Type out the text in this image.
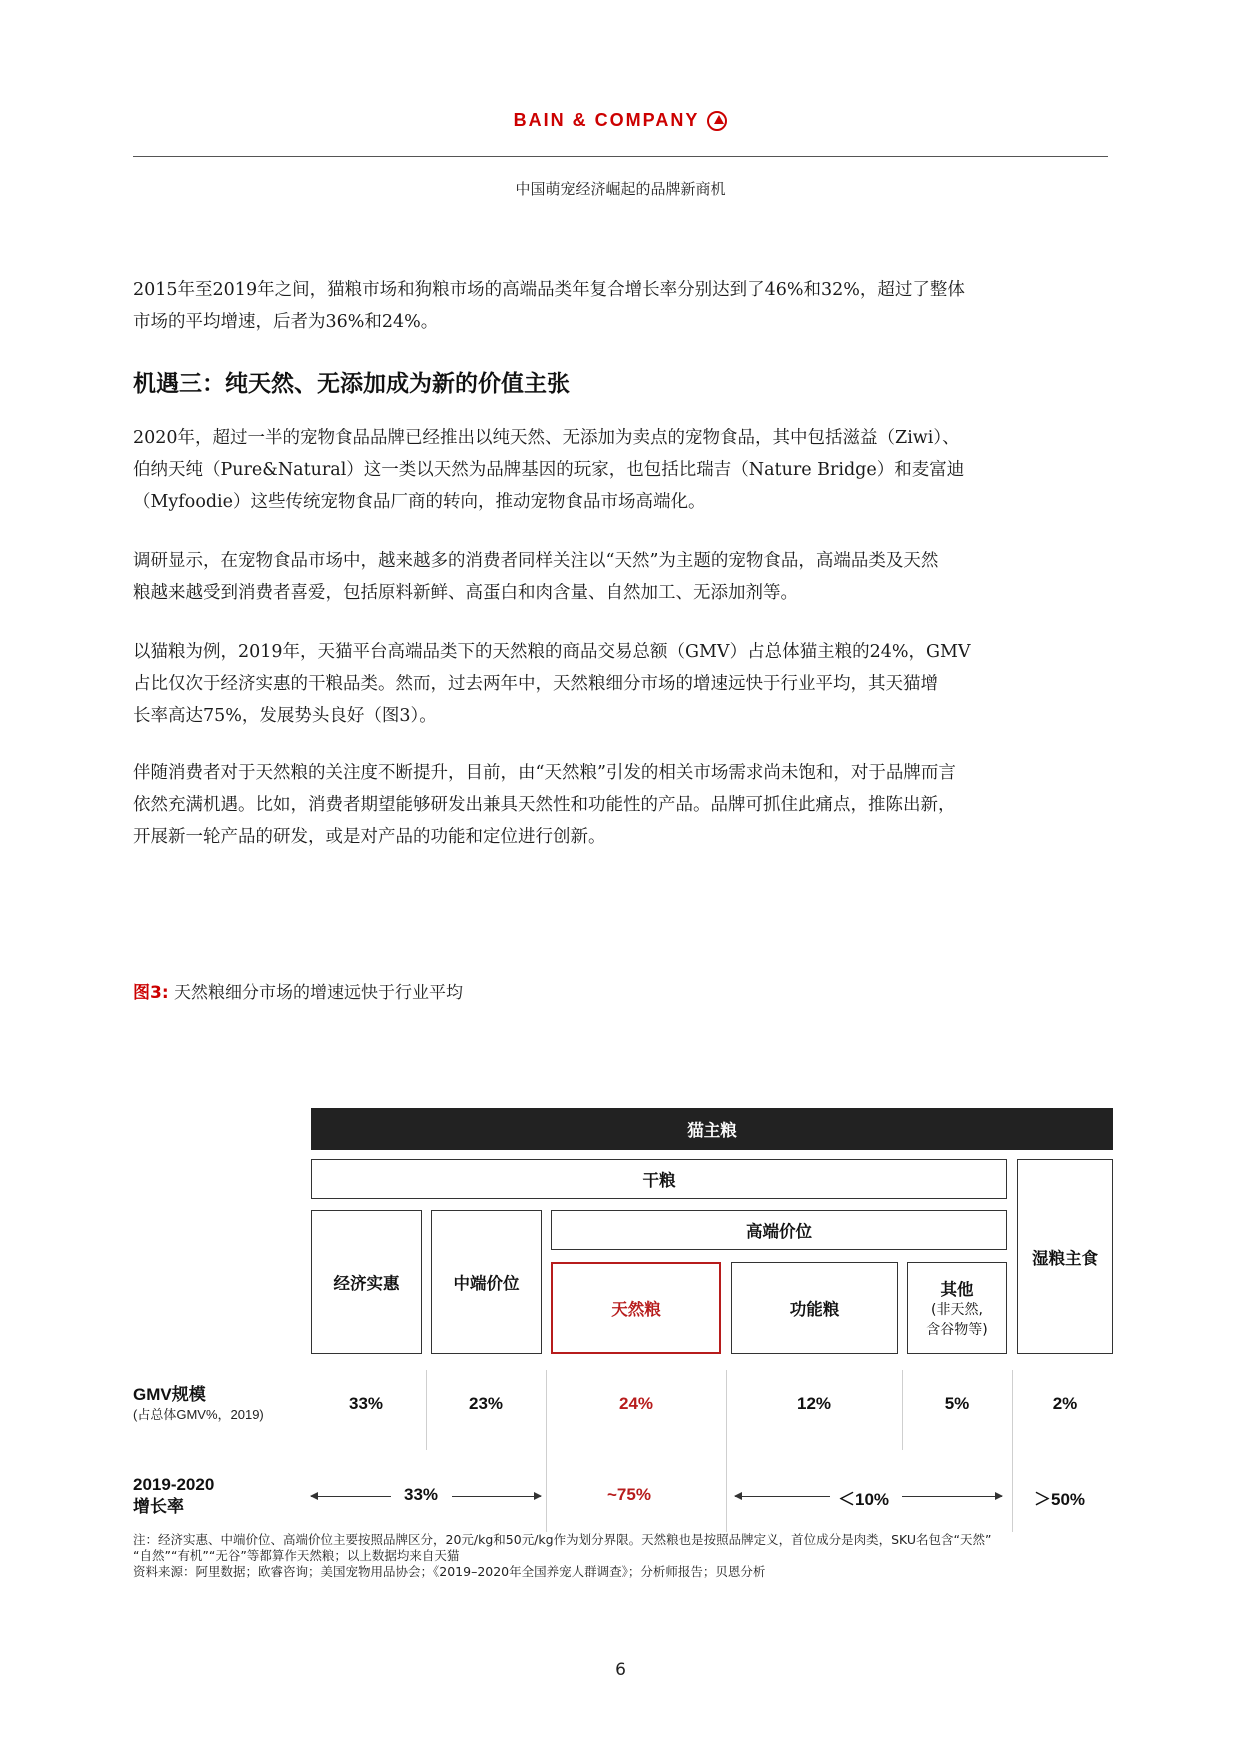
BAIN & COMPANY
中国萌宠经济崛起的品牌新商机

2015年至2019年之间，猫粮市场和狗粮市场的高端品类年复合增长率分别达到了46%和32%，超过了整体
市场的平均增速，后者为36%和24%。

机遇三：纯天然、无添加成为新的价值主张

2020年，超过一半的宠物食品品牌已经推出以纯天然、无添加为卖点的宠物食品，其中包括滋益（Ziwi）、
伯纳天纯（Pure&Natural）这一类以天然为品牌基因的玩家，也包括比瑞吉（Nature Bridge）和麦富迪
（Myfoodie）这些传统宠物食品厂商的转向，推动宠物食品市场高端化。

调研显示，在宠物食品市场中，越来越多的消费者同样关注以“天然”为主题的宠物食品，高端品类及天然
粮越来越受到消费者喜爱，包括原料新鲜、高蛋白和肉含量、自然加工、无添加剂等。

以猫粮为例，2019年，天猫平台高端品类下的天然粮的商品交易总额（GMV）占总体猫主粮的24%，GMV
占比仅次于经济实惠的干粮品类。然而，过去两年中，天然粮细分市场的增速远快于行业平均，其天猫增
长率高达75%，发展势头良好（图3）。

伴随消费者对于天然粮的关注度不断提升，目前，由“天然粮”引发的相关市场需求尚未饱和，对于品牌而言
依然充满机遇。比如，消费者期望能够研发出兼具天然性和功能性的产品。品牌可抓住此痛点，推陈出新，
开展新一轮产品的研发，或是对产品的功能和定位进行创新。

图3: 天然粮细分市场的增速远快于行业平均
猫主粮
干粮
湿粮主食
经济实惠	中端价位
高端价位
天然粮	功能粮
其他
(非天然,
含谷物等)
GMV规模
(占总体GMV%，2019)
33%	23%	24%	12%	5%	2%
2019-2020
增长率
33%	~75%	＜10%	＞50%
注：经济实惠、中端价位、高端价位主要按照品牌区分，20元/kg和50元/kg作为划分界限。天然粮也是按照品牌定义，首位成分是肉类，SKU名包含“天然”
“自然”“有机”“无谷”等都算作天然粮；以上数据均来自天猫
资料来源：阿里数据；欧睿咨询；美国宠物用品协会；《2019–2020年全国养宠人群调查》；分析师报告；贝恩分析
6
